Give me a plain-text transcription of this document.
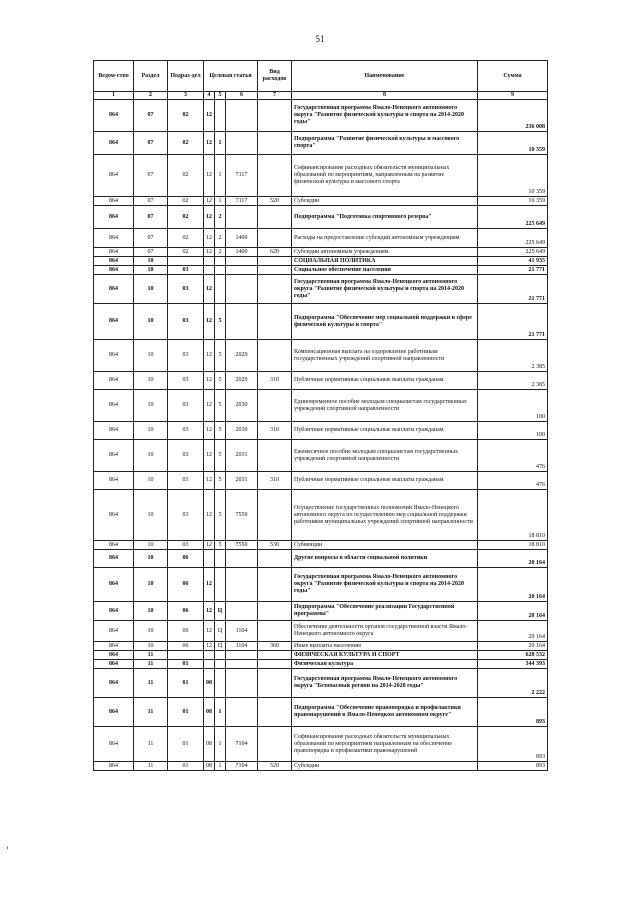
51
›
Ведом-ство	Раздел	Подраз-дел	Целевая статья			Вид расходов	Наименование	Сумма
1	2	3	4	5	6	7	8	9
864	07	02	12				Государственная программа Ямало-Ненецкого автономного округа "Развитие физической культуры и спорта на 2014-2020 годы"	236 008
864	07	02	12	1			Подпрограмма "Развитие физической культуры и массового спорта"	10 359
864	07	02	12	1	7117		Софинансирование расходных обязательств муниципальных образований по мероприятиям, направленным на развитие физической культуры и массового спорта	10 359
864	07	02	12	1	7117	520	Субсидии	10 359
864	07	02	12	2			Подпрограмма "Подготовка спортивного резерва"	225 649
864	07	02	12	2	1400		Расходы на предоставление субсидий автономным учреждениям	225 649
864	07	02	12	2	1400	620	Субсидии автономным учреждениям	225 649
864	10						СОЦИАЛЬНАЯ ПОЛИТИКА	41 935
864	10	03					Социальное обеспечение населения	21 771
864	10	03	12				Государственная программа Ямало-Ненецкого автономного округа "Развитие физической культуры и спорта на 2014-2020 годы"	21 771
864	10	03	12	5			Подпрограмма "Обеспечение мер социальной поддержки в сфере физической культуры и спорта"	21 771
864	10	03	12	5	2029		Компенсационная выплата на оздоровление работникам государственных учреждений спортивной направленности	2 385
864	10	03	12	5	2029	310	Публичные нормативные социальные выплаты гражданам	2 385
864	10	03	12	5	2030		Единовременное пособие молодым специалистам государственных учреждений спортивной направленности	100
864	10	03	12	5	2030	310	Публичные нормативные социальные выплаты гражданам	100
864	10	03	12	5	2031		Ежемесячное пособие молодым специалистам государственных учреждений спортивной направленности	476
864	10	03	12	5	2031	310	Публичные нормативные социальные выплаты гражданам	476
864	10	03	12	5	7550		Осуществление государственных полномочий Ямало-Ненецкого автономного округа по осуществлению мер социальной поддержки работников муниципальных учреждений спортивной направленности	18 810
864	10	03	12	5	7550	530	Субвенции	18 810
864	10	06					Другие вопросы в области социальной политики	20 164
864	10	06	12				Государственная программа Ямало-Ненецкого автономного округа "Развитие физической культуры и спорта на 2014-2020 годы"	20 164
864	10	06	12	Ц			Подпрограмма "Обеспечение реализации Государственной программы"	20 164
864	10	06	12	Ц	1104		Обеспечение деятельности органов государственной власти Ямало-Ненецкого автономного округа	20 164
864	10	06	12	Ц	1104	360	Иные выплаты населению	20 164
864	11						ФИЗИЧЕСКАЯ КУЛЬТУРА И СПОРТ	628 532
864	11	01					Физическая культура	344 393
864	11	01	08				Государственная программа Ямало-Ненецкого автономного округа "Безопасный регион на 2014-2020 годы"	2 222
864	11	01	08	1			Подпрограмма "Обеспечение правопорядка и профилактики правонарушений в Ямало-Ненецком автономном округе"	893
864	11	01	08	1	7104		Софинансирование расходных обязательств муниципальных образований по мероприятиям направленным на обеспечение правопорядка и профилактики правонарушений	893
864	11	01	08	1	7104	520	Субсидии	893
